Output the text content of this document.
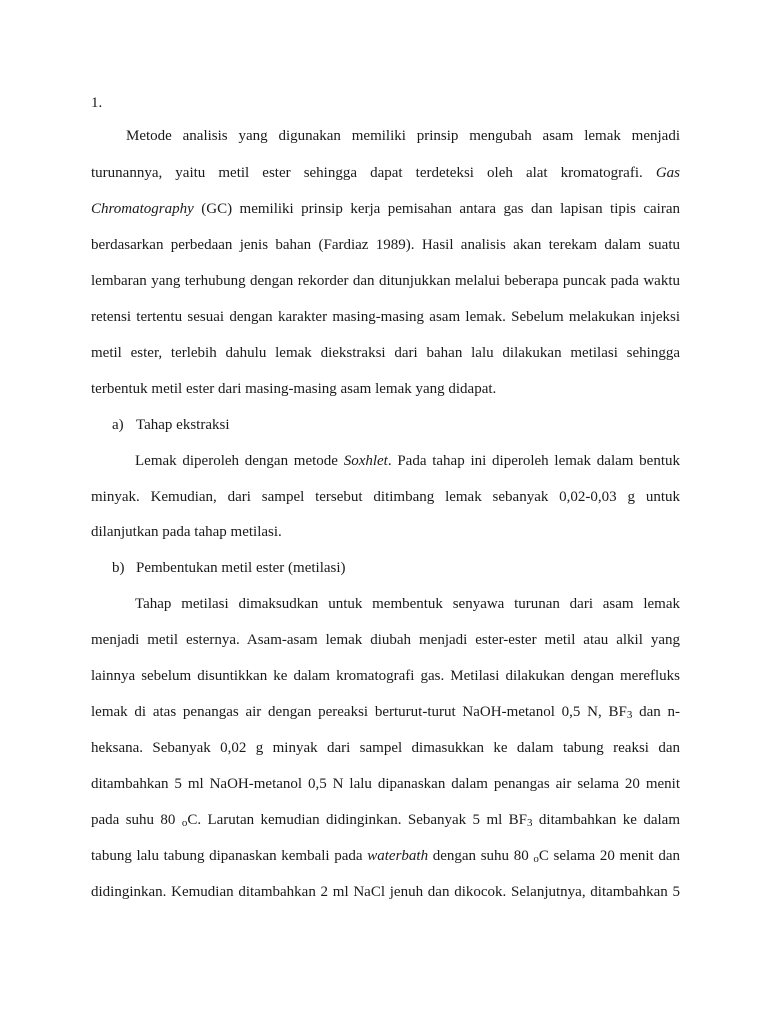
1.
Metode analisis yang digunakan memiliki prinsip mengubah asam lemak menjadi
turunannya, yaitu metil ester sehingga dapat terdeteksi oleh alat kromatografi. Gas
Chromatography (GC) memiliki prinsip kerja pemisahan antara gas dan lapisan tipis cairan
berdasarkan perbedaan jenis bahan (Fardiaz 1989). Hasil analisis akan terekam dalam suatu
lembaran yang terhubung dengan rekorder dan ditunjukkan melalui beberapa puncak pada waktu
retensi tertentu sesuai dengan karakter masing-masing asam lemak. Sebelum melakukan injeksi
metil ester, terlebih dahulu lemak diekstraksi dari bahan lalu dilakukan metilasi sehingga
terbentuk metil ester dari masing-masing asam lemak yang didapat.
a) Tahap ekstraksi
Lemak diperoleh dengan metode Soxhlet. Pada tahap ini diperoleh lemak dalam bentuk
minyak. Kemudian, dari sampel tersebut ditimbang lemak sebanyak 0,02-0,03 g untuk
dilanjutkan pada tahap metilasi.
b) Pembentukan metil ester (metilasi)
Tahap metilasi dimaksudkan untuk membentuk senyawa turunan dari asam lemak
menjadi metil esternya. Asam-asam lemak diubah menjadi ester-ester metil atau alkil yang
lainnya sebelum disuntikkan ke dalam kromatografi gas. Metilasi dilakukan dengan merefluks
lemak di atas penangas air dengan pereaksi berturut-turut NaOH-metanol 0,5 N, BF3 dan n-
heksana. Sebanyak 0,02 g minyak dari sampel dimasukkan ke dalam tabung reaksi dan
ditambahkan 5 ml NaOH-metanol 0,5 N lalu dipanaskan dalam penangas air selama 20 menit
pada suhu 80 oC. Larutan kemudian didinginkan. Sebanyak 5 ml BF3 ditambahkan ke dalam
tabung lalu tabung dipanaskan kembali pada waterbath dengan suhu 80 oC selama 20 menit dan
didinginkan. Kemudian ditambahkan 2 ml NaCl jenuh dan dikocok. Selanjutnya, ditambahkan 5
